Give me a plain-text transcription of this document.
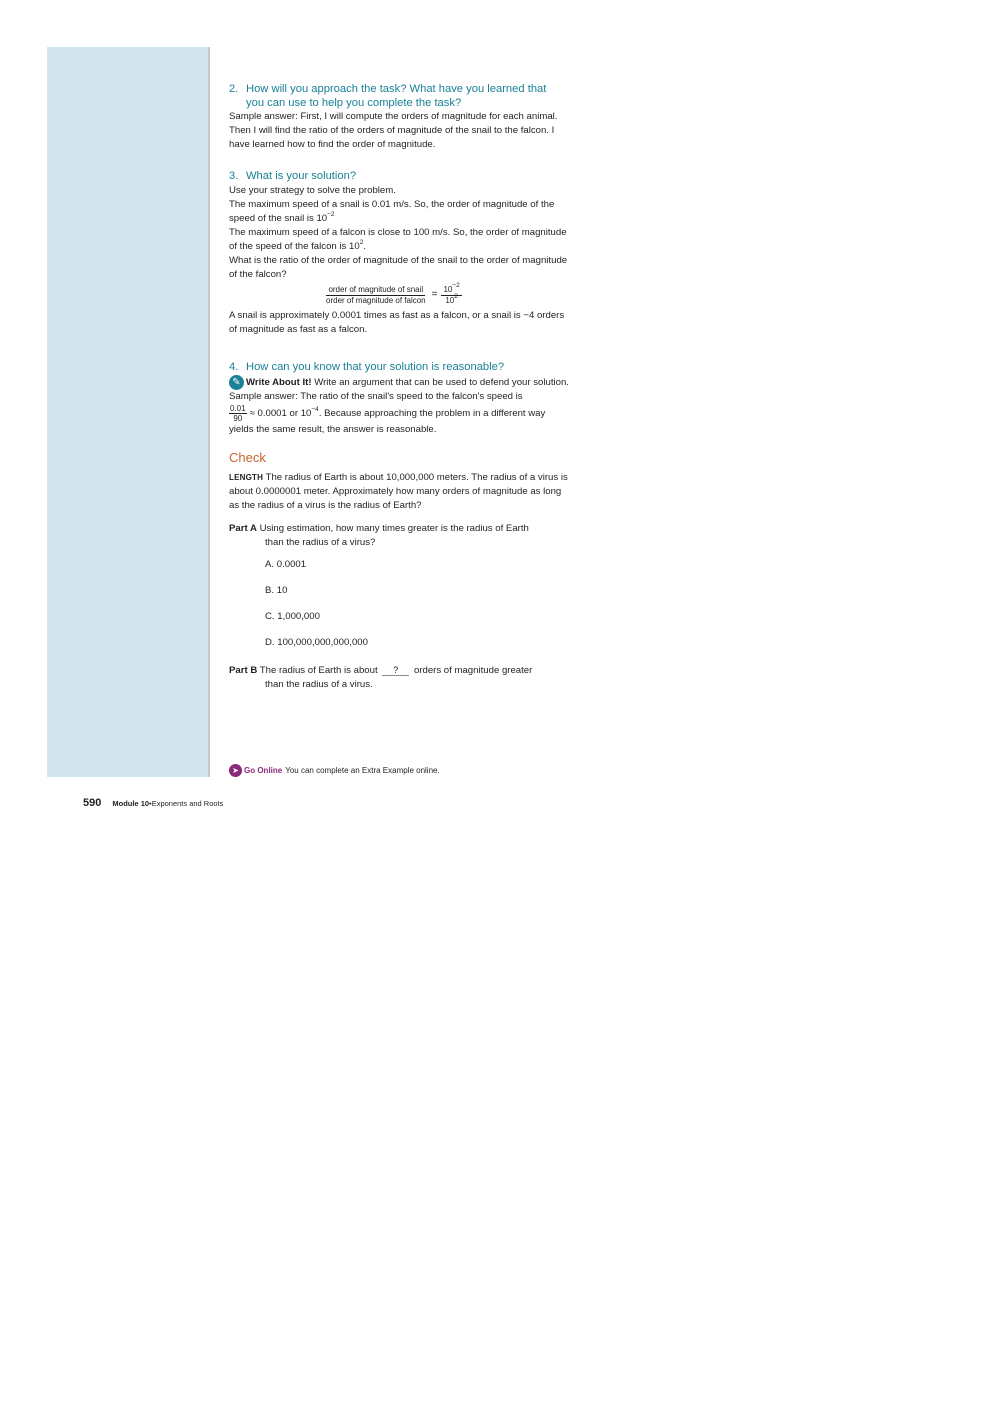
2. How will you approach the task? What have you learned that
you can use to help you complete the task?

Sample answer: First, I will compute the orders of magnitude for each animal. Then I will find the ratio of the orders of magnitude of the snail to the falcon. I have learned how to find the order of magnitude.

3. What is your solution?

Use your strategy to solve the problem.

The maximum speed of a snail is 0.01 m/s. So, the order of magnitude of the speed of the snail is $10^{-2}$

The maximum speed of a falcon is close to 100 m/s. So, the order of magnitude of the speed of the falcon is $10^2$.

What is the ratio of the order of magnitude of the snail to the order of magnitude of the falcon?

$\frac{\text{order of magnitude of snail}}{\text{order of magnitude of falcon}} = \frac{10^{-2}}{10^2}$

A snail is approximately 0.0001 times as fast as a falcon, or a snail is −4 orders of magnitude as fast as a falcon.

4. How can you know that your solution is reasonable?

✎ Write About It! Write an argument that can be used to defend your solution.

Sample answer: The ratio of the snail's speed to the falcon's speed is

$\frac{0.01}{90} \approx 0.0001$ or $10^{-4}$. Because approaching the problem in a different way yields the same result, the answer is reasonable.

Check

LENGTH The radius of Earth is about 10,000,000 meters. The radius of a virus is about 0.0000001 meter. Approximately how many orders of magnitude as long as the radius of a virus is the radius of Earth?

Part A Using estimation, how many times greater is the radius of Earth
than the radius of a virus?
A. 0.0001
B. 10
C. 1,000,000
D. 100,000,000,000,000
Part B The radius of Earth is about ? orders of magnitude greater
than the radius of a virus.
➤ Go Online You can complete an Extra Example online.
590 Module 10 • Exponents and Roots
